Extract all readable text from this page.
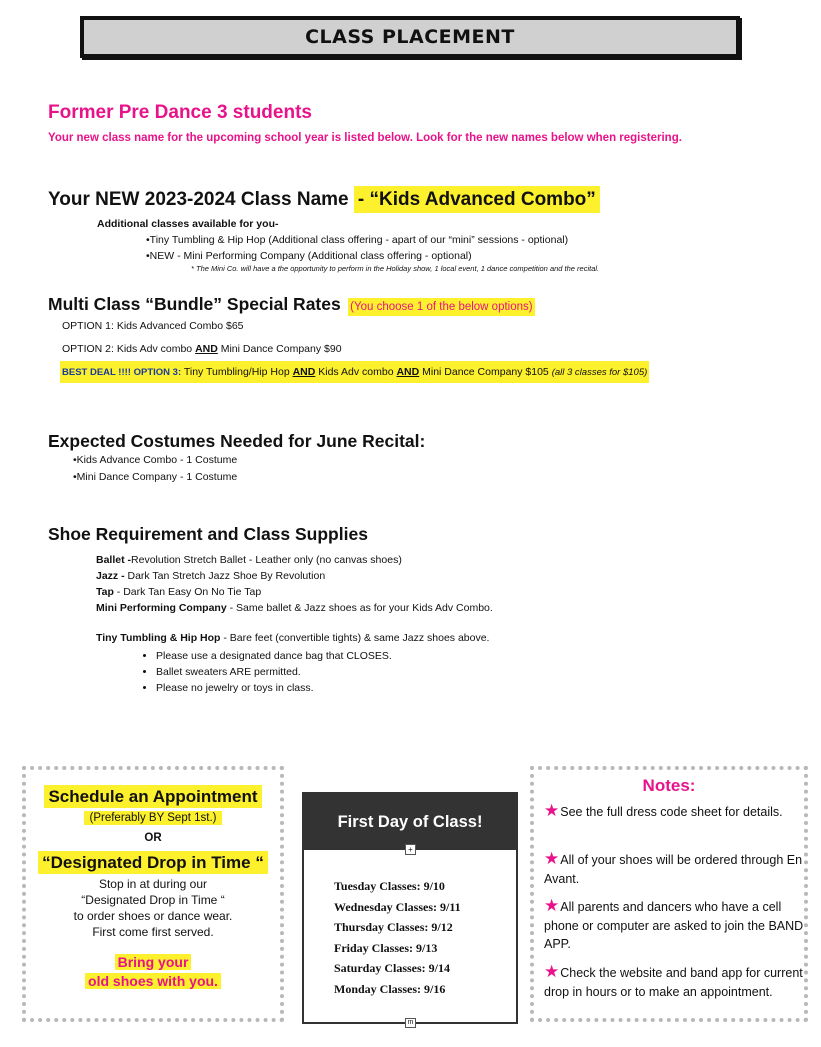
CLASS PLACEMENT
Former Pre Dance 3 students
Your new class name for the upcoming school year is listed below. Look for the new names below when registering.
Your NEW 2023-2024 Class Name - “Kids Advanced Combo”
Additional classes available for you-
•Tiny Tumbling & Hip Hop (Additional class offering - apart of our “mini” sessions - optional)
•NEW - Mini Performing Company (Additional class offering - optional)
* The Mini Co. will have a the opportunity to perform in the Holiday show, 1 local event, 1 dance competition and the recital.
Multi Class “Bundle” Special Rates (You choose 1 of the below options)
OPTION 1: Kids Advanced Combo $65
OPTION 2: Kids Adv combo AND Mini Dance Company $90
BEST DEAL !!!! OPTION 3: Tiny Tumbling/Hip Hop AND Kids Adv combo AND Mini Dance Company $105 (all 3 classes for $105)
Expected Costumes Needed for June Recital:
•Kids Advance Combo - 1 Costume
•Mini Dance Company - 1 Costume
Shoe Requirement and Class Supplies
Ballet -Revolution Stretch Ballet - Leather only (no canvas shoes)
Jazz - Dark Tan Stretch Jazz Shoe By Revolution
Tap - Dark Tan Easy On No Tie Tap
Mini Performing Company - Same ballet & Jazz shoes as for your Kids Adv Combo.
Tiny Tumbling & Hip Hop - Bare feet (convertible tights) & same Jazz shoes above.
• Please use a designated dance bag that CLOSES.
• Ballet sweaters ARE permitted.
• Please no jewelry or toys in class.
Schedule an Appointment
(Preferably BY Sept 1st.)
OR
“Designated Drop in Time “
Stop in at during our
“Designated Drop in Time “
to order shoes or dance wear.
First come first served.
Bring your
old shoes with you.
First Day of Class!
+
Tuesday Classes: 9/10
Wednesday Classes: 9/11
Thursday Classes: 9/12
Friday Classes: 9/13
Saturday Classes: 9/14
Monday Classes: 9/16
m
Notes:
★See the full dress code sheet for details.
★All of your shoes will be ordered through En Avant.
★All parents and dancers who have a cell phone or computer are asked to join the BAND APP.
★Check the website and band app for current drop in hours or to make an appointment.
